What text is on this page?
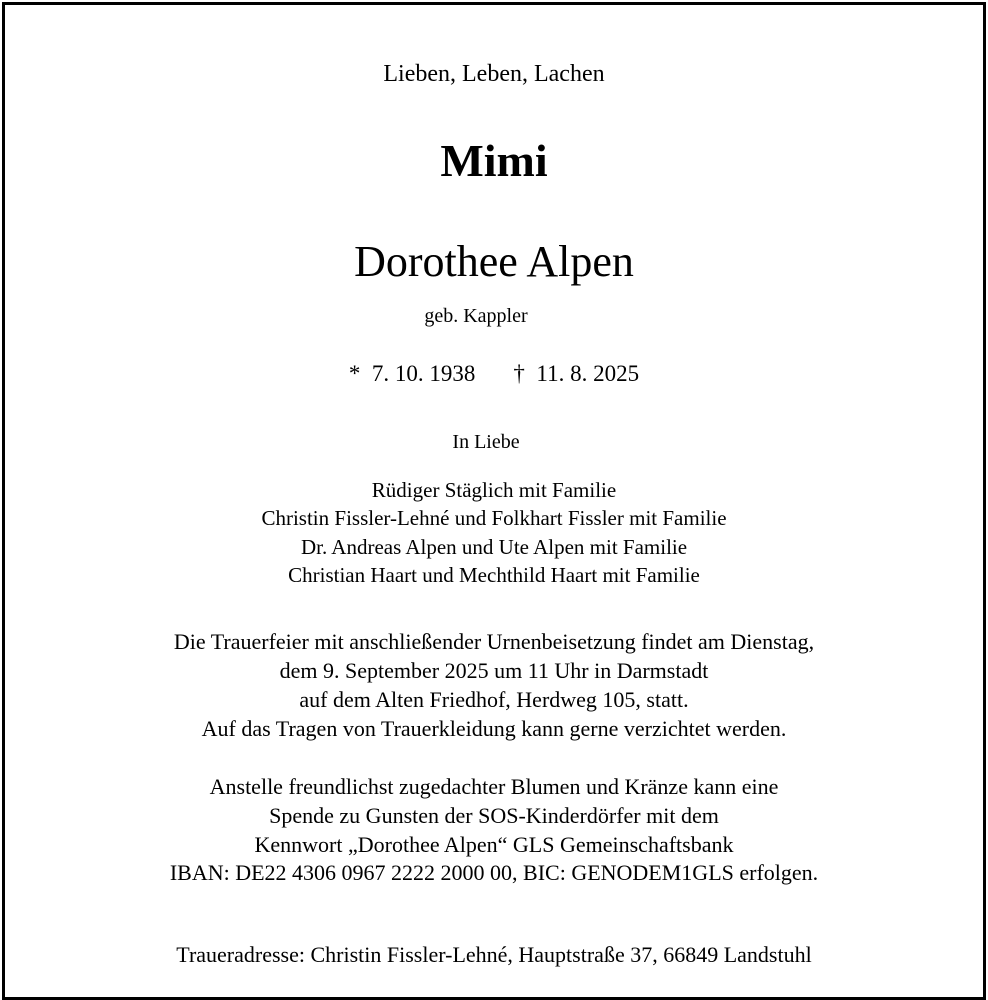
Lieben, Leben, Lachen
Mimi
Dorothee Alpen
geb. Kappler
* 7. 10. 1938 † 11. 8. 2025
In Liebe
Rüdiger Stäglich mit Familie
Christin Fissler-Lehné und Folkhart Fissler mit Familie
Dr. Andreas Alpen und Ute Alpen mit Familie
Christian Haart und Mechthild Haart mit Familie
Die Trauerfeier mit anschließender Urnenbeisetzung findet am Dienstag,
dem 9. September 2025 um 11 Uhr in Darmstadt
auf dem Alten Friedhof, Herdweg 105, statt.
Auf das Tragen von Trauerkleidung kann gerne verzichtet werden.
Anstelle freundlichst zugedachter Blumen und Kränze kann eine
Spende zu Gunsten der SOS-Kinderdörfer mit dem
Kennwort „Dorothee Alpen“ GLS Gemeinschaftsbank
IBAN: DE22 4306 0967 2222 2000 00, BIC: GENODEM1GLS erfolgen.
Traueradresse: Christin Fissler-Lehné, Hauptstraße 37, 66849 Landstuhl
